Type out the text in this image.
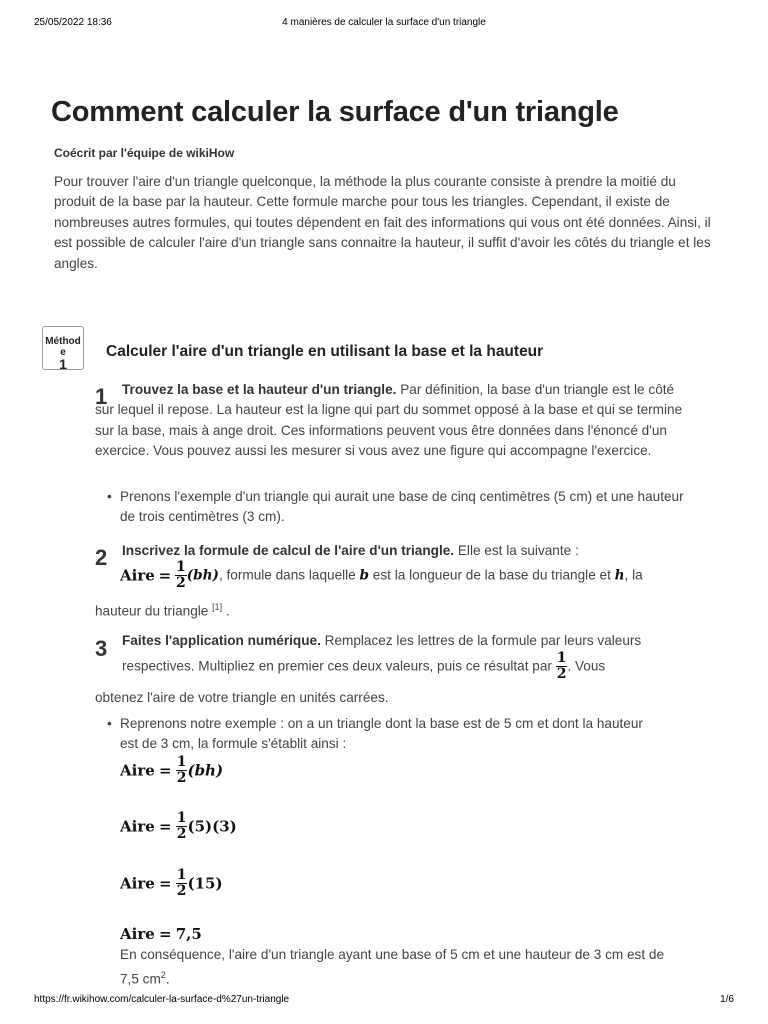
25/05/2022 18:36	4 manières de calculer la surface d'un triangle
Comment calculer la surface d'un triangle
Coécrit par l'équipe de wikiHow

Pour trouver l'aire d'un triangle quelconque, la méthode la plus courante consiste à prendre la moitié du produit de la base par la hauteur. Cette formule marche pour tous les triangles. Cependant, il existe de nombreuses autres formules, qui toutes dépendent en fait des informations qui vous ont été données. Ainsi, il est possible de calculer l'aire d'un triangle sans connaitre la hauteur, il suffit d'avoir les côtés du triangle et les angles.

Méthod
e
1
Calculer l'aire d'un triangle en utilisant la base et la hauteur
1	Trouvez la base et la hauteur d'un triangle. Par définition, la base d'un triangle est le côté sur lequel il repose. La hauteur est la ligne qui part du sommet opposé à la base et qui se termine sur la base, mais à ange droit. Ces informations peuvent vous être données dans l'énoncé d'un exercice. Vous pouvez aussi les mesurer si vous avez une figure qui accompagne l'exercice.

• Prenons l'exemple d'un triangle qui aurait une base de cinq centimètres (5 cm) et une hauteur de trois centimètres (3 cm).

2 Inscrivez la formule de calcul de l'aire d'un triangle. Elle est la suivante :

Aire = $\frac{1}{2} (bh)$, formule dans laquelle b est la longueur de la base du triangle et h, la

hauteur du triangle [1] .

3 Faites l'application numérique. Remplacez les lettres de la formule par leurs valeurs

respectives. Multipliez en premier ces deux valeurs, puis ce résultat par $\frac{1}{2}$ . Vous

obtenez l'aire de votre triangle en unités carrées.

• Reprenons notre exemple : on a un triangle dont la base est de 5 cm et dont la hauteur est de 3 cm, la formule s'établit ainsi :

Aire = $\frac{1}{2} (bh)$
Aire = $\frac{1}{2} (5)(3)$
Aire = $\frac{1}{2} (15)$
Aire = 7,5

En conséquence, l'aire d'un triangle ayant une base of 5 cm et une hauteur de 3 cm est de 7,5 $cm^2$.

https://fr.wikihow.com/calculer-la-surface-d%27un-triangle	1/6
